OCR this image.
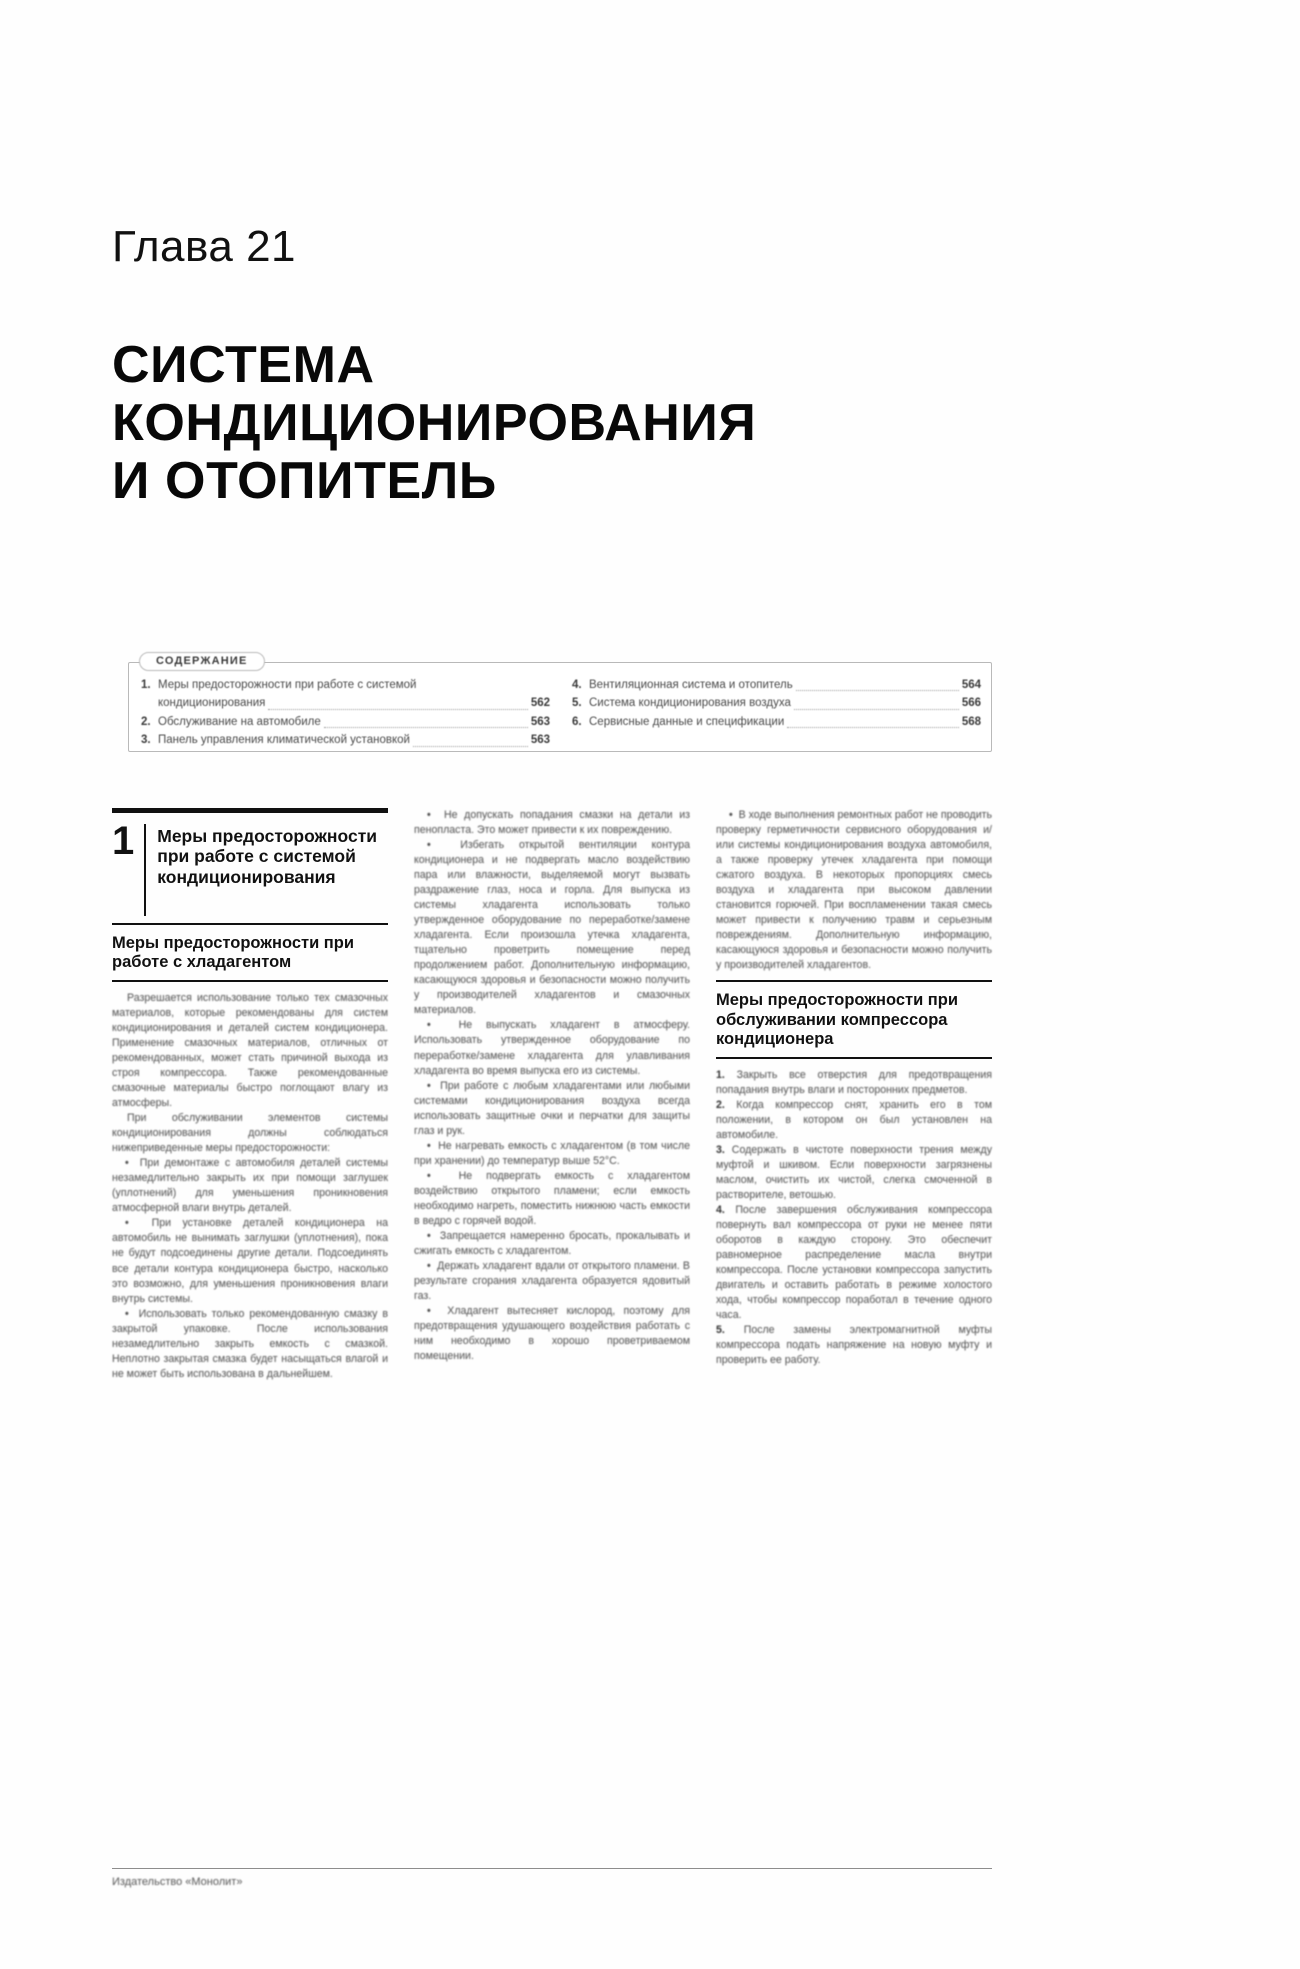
Глава 21
СИСТЕМА
КОНДИЦИОНИРОВАНИЯ
И ОТОПИТЕЛЬ
СОДЕРЖАНИЕ
1. Меры предосторожности при работе с системой
кондиционирования	562
2. Обслуживание на автомобиле	563
3. Панель управления климатической установкой	563
4. Вентиляционная система и отопитель	564
5. Система кондиционирования воздуха	566
6. Сервисные данные и спецификации	568
1	Меры предосторожности при работе с системой кондиционирования
Меры предосторожности при работе с хладагентом

Разрешается использование только тех смазочных материалов, которые рекомендованы для систем кондиционирования и деталей систем кондиционера. Применение смазочных материалов, отличных от рекомендованных, может стать причиной выхода из строя компрессора. Также рекомендованные смазочные материалы быстро поглощают влагу из атмосферы.

При обслуживании элементов системы кондиционирования должны соблюдаться нижеприведенные меры предосторожности:

•  При демонтаже с автомобиля деталей системы незамедлительно закрыть их при помощи заглушек (уплотнений) для уменьшения проникновения атмосферной влаги внутрь деталей.

•  При установке деталей кондиционера на автомобиль не вынимать заглушки (уплотнения), пока не будут подсоединены другие детали. Подсоединять все детали контура кондиционера быстро, насколько это возможно, для уменьшения проникновения влаги внутрь системы.

•  Использовать только рекомендованную смазку в закрытой упаковке. После использования незамедлительно закрыть емкость с смазкой. Неплотно закрытая смазка будет насыщаться влагой и не может быть использована в дальнейшем.

•  Не допускать попадания смазки на детали из пенопласта. Это может привести к их повреждению.

•  Избегать открытой вентиляции контура кондиционера и не подвергать масло воздействию пара или влажности, выделяемой могут вызвать раздражение глаз, носа и горла. Для выпуска из системы хладагента использовать только утвержденное оборудование по переработке/замене хладагента. Если произошла утечка хладагента, тщательно проветрить помещение перед продолжением работ. Дополнительную информацию, касающуюся здоровья и безопасности можно получить у производителей хладагентов и смазочных материалов.

•  Не выпускать хладагент в атмосферу. Использовать утвержденное оборудование по переработке/замене хладагента для улавливания хладагента во время выпуска его из системы.

•  При работе с любым хладагентами или любыми системами кондиционирования воздуха всегда использовать защитные очки и перчатки для защиты глаз и рук.

•  Не нагревать емкость с хладагентом (в том числе при хранении) до температур выше 52°С.

•  Не подвергать емкость с хладагентом воздействию открытого пламени; если емкость необходимо нагреть, поместить нижнюю часть емкости в ведро с горячей водой.

•  Запрещается намеренно бросать, прокалывать и сжигать емкость с хладагентом.

•  Держать хладагент вдали от открытого пламени. В результате сгорания хладагента образуется ядовитый газ.

•  Хладагент вытесняет кислород, поэтому для предотвращения удушающего воздействия работать с ним необходимо в хорошо проветриваемом помещении.

•  В ходе выполнения ремонтных работ не проводить проверку герметичности сервисного оборудования и/или системы кондиционирования воздуха автомобиля, а также проверку утечек хладагента при помощи сжатого воздуха. В некоторых пропорциях смесь воздуха и хладагента при высоком давлении становится горючей. При воспламенении такая смесь может привести к получению травм и серьезным повреждениям. Дополнительную информацию, касающуюся здоровья и безопасности можно получить у производителей хладагентов.

Меры предосторожности при обслуживании компрессора кондиционера

1. Закрыть все отверстия для предотвращения попадания внутрь влаги и посторонних предметов.

2. Когда компрессор снят, хранить его в том положении, в котором он был установлен на автомобиле.

3. Содержать в чистоте поверхности трения между муфтой и шкивом. Если поверхности загрязнены маслом, очистить их чистой, слегка смоченной в растворителе, ветошью.

4. После завершения обслуживания компрессора повернуть вал компрессора от руки не менее пяти оборотов в каждую сторону. Это обеспечит равномерное распределение масла внутри компрессора. После установки компрессора запустить двигатель и оставить работать в режиме холостого хода, чтобы компрессор поработал в течение одного часа.

5. После замены электромагнитной муфты компрессора подать напряжение на новую муфту и проверить ее работу.

Издательство «Монолит»
